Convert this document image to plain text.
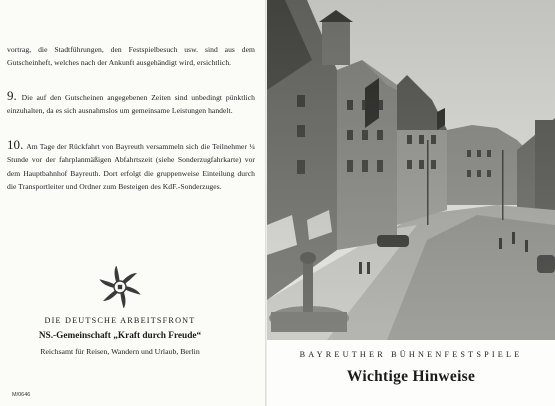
vortrag, die Stadtführungen, den Festspielbesuch usw. sind aus dem Gutscheinheft, welches nach der Ankunft ausgehändigt wird, ersichtlich.
9. Die auf den Gutscheinen angegebenen Zeiten sind unbedingt pünktlich einzuhalten, da es sich ausnahmslos um gemeinsame Leistungen handelt.
10. Am Tage der Rückfahrt von Bayreuth versammeln sich die Teilnehmer ¼ Stunde vor der fahrplanmäßigen Abfahrtszeit (siehe Sonderzugfahrkarte) vor dem Hauptbahnhof Bayreuth. Dort erfolgt die gruppenweise Einteilung durch die Transportleiter und Ordner zum Besteigen des KdF.-Sonderzuges.
DIE DEUTSCHE ARBEITSFRONT
NS.-Gemeinschaft „Kraft durch Freude“
Reichsamt für Reisen, Wandern und Urlaub, Berlin
M/0646
BAYREUTHER BÜHNENFESTSPIELE
Wichtige Hinweise
